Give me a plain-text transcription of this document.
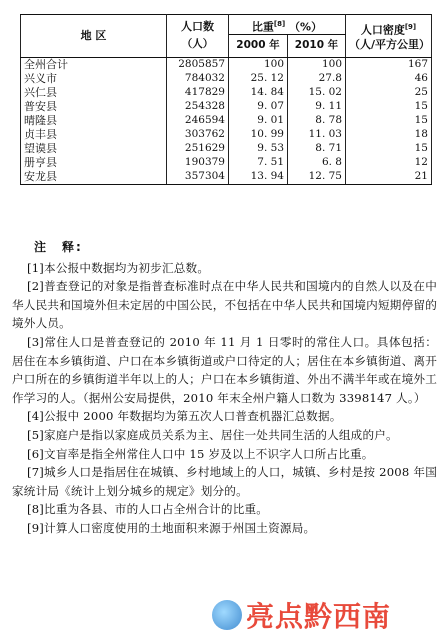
地 区	人口数	比重[8] （%）		人口密度[9]
（人/平方公里）
	（人）	2000 年	2010 年	
全州合计	2805857	100	100	167
兴义市	784032	25. 12	27.8	46
兴仁县	417829	14. 84	15. 02	25
普安县	254328	9. 07	9. 11	15
晴隆县	246594	9. 01	8. 78	15
贞丰县	303762	10. 99	11. 03	18
望谟县	251629	9. 53	8. 71	15
册亨县	190379	7. 51	6. 8	12
安龙县	357304	13. 94	12. 75	21
注　释:

[1]本公报中数据均为初步汇总数。

[2]普查登记的对象是指普查标准时点在中华人民共和国境内的自然人以及在中华人民共和国境外但未定居的中国公民，不包括在中华人民共和国境内短期停留的境外人员。

[3]常住人口是普查登记的 2010 年 11 月 1 日零时的常住人口。具体包括：居住在本乡镇街道、户口在本乡镇街道或户口待定的人；居住在本乡镇街道、离开户口所在的乡镇街道半年以上的人；户口在本乡镇街道、外出不满半年或在境外工作学习的人。（据州公安局提供，2010 年末全州户籍人口数为 3398147 人。）

[4]公报中 2000 年数据均为第五次人口普查机器汇总数据。

[5]家庭户是指以家庭成员关系为主、居住一处共同生活的人组成的户。

[6]文盲率是指全州常住人口中 15 岁及以上不识字人口所占比重。

[7]城乡人口是指居住在城镇、乡村地域上的人口，城镇、乡村是按 2008 年国家统计局《统计上划分城乡的规定》划分的。

[8]比重为各县、市的人口占全州合计的比重。

[9]计算人口密度使用的土地面积来源于州国土资源局。

亮点黔西南
